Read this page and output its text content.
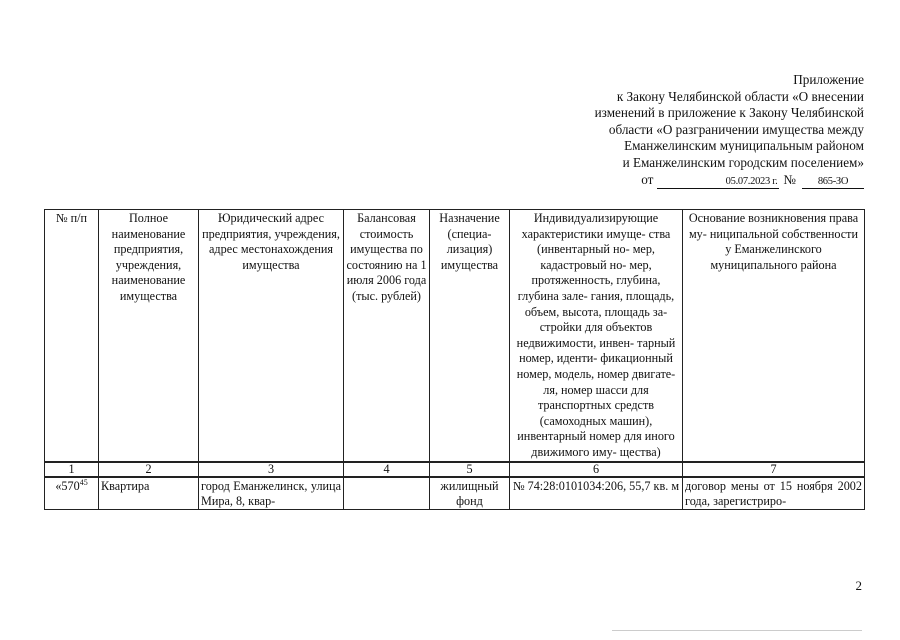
Приложение
к Закону Челябинской области «О внесении
изменений в приложение к Закону Челябинской
области «О разграничении имущества между
Еманжелинским муниципальным районом
и Еманжелинским городским поселением»
от	05.07.2023 г. № 865-ЗО
№ п/п	Полное наименование предприятия, учреждения, наименование имущества	Юридический адрес предприятия, учреждения, адрес местонахождения имущества	Балансовая стоимость имущества по состоянию на 1 июля 2006 года (тыс. рублей)	Назначение (специа- лизация) имущества	Индивидуализирующие характеристики имуще- ства (инвентарный но- мер, кадастровый но- мер, протяженность, глубина, глубина зале- гания, площадь, объем, высота, площадь за- стройки для объектов недвижимости, инвен- тарный номер, иденти- фикационный номер, модель, номер двигате- ля, номер шасси для транспортных средств (самоходных машин), инвентарный номер для иного движимого иму- щества)	Основание возникновения права му- ниципальной собственности у Еманжелинского муниципального района
1	2	3	4	5	6	7

«$570^{45}$	Квартира	город Еманжелинск, улица Мира, 8, квар-		жилищный фонд	№ 74:28:0101034:206, 55,7 кв. м	договор мены от 15 ноября 2002 года, зарегистриро-
2
